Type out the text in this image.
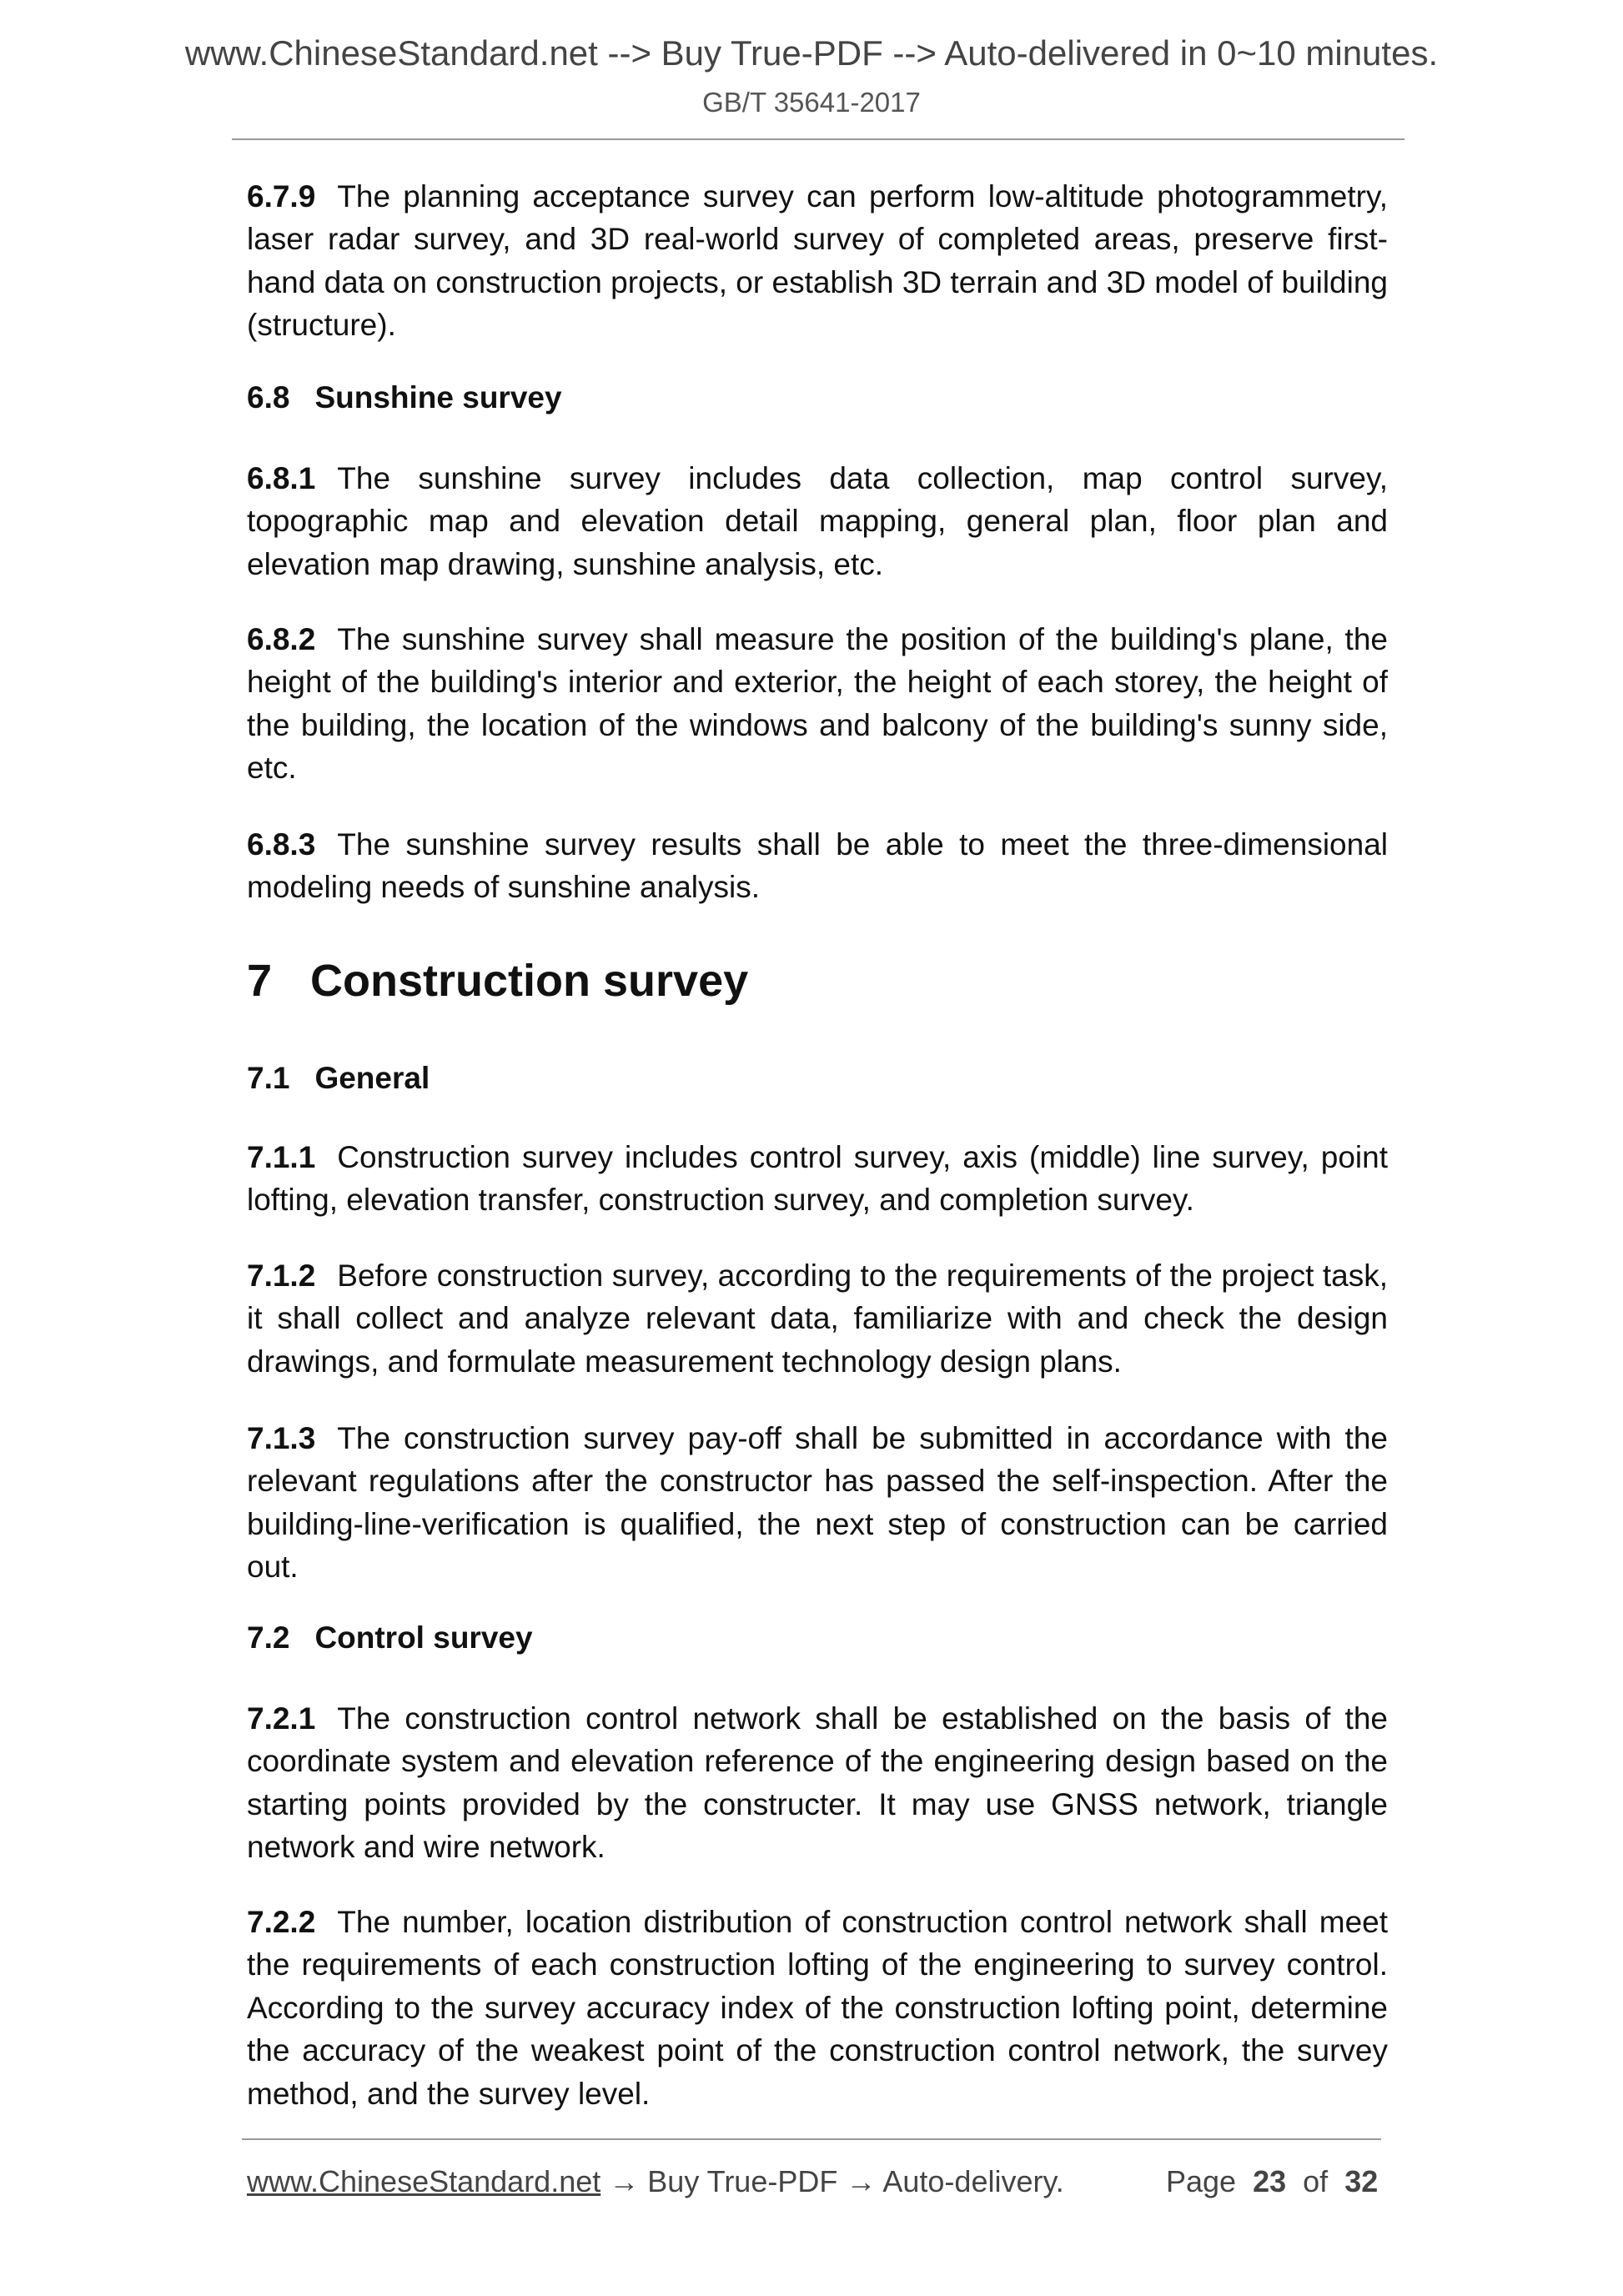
www.ChineseStandard.net --> Buy True-PDF --> Auto-delivered in 0~10 minutes.
GB/T 35641-2017
6.7.9 The planning acceptance survey can perform low-altitude photogrammetry, laser radar survey, and 3D real-world survey of completed areas, preserve first-hand data on construction projects, or establish 3D terrain and 3D model of building (structure).
6.8 Sunshine survey
6.8.1 The sunshine survey includes data collection, map control survey, topographic map and elevation detail mapping, general plan, floor plan and elevation map drawing, sunshine analysis, etc.
6.8.2 The sunshine survey shall measure the position of the building's plane, the height of the building's interior and exterior, the height of each storey, the height of the building, the location of the windows and balcony of the building's sunny side, etc.
6.8.3 The sunshine survey results shall be able to meet the three-dimensional modeling needs of sunshine analysis.
7 Construction survey
7.1 General
7.1.1 Construction survey includes control survey, axis (middle) line survey, point lofting, elevation transfer, construction survey, and completion survey.
7.1.2 Before construction survey, according to the requirements of the project task, it shall collect and analyze relevant data, familiarize with and check the design drawings, and formulate measurement technology design plans.
7.1.3 The construction survey pay-off shall be submitted in accordance with the relevant regulations after the constructor has passed the self-inspection. After the building-line-verification is qualified, the next step of construction can be carried out.
7.2 Control survey
7.2.1 The construction control network shall be established on the basis of the coordinate system and elevation reference of the engineering design based on the starting points provided by the constructer. It may use GNSS network, triangle network and wire network.
7.2.2 The number, location distribution of construction control network shall meet the requirements of each construction lofting of the engineering to survey control. According to the survey accuracy index of the construction lofting point, determine the accuracy of the weakest point of the construction control network, the survey method, and the survey level.
www.ChineseStandard.net → Buy True-PDF → Auto-delivery.	Page 23 of 32
